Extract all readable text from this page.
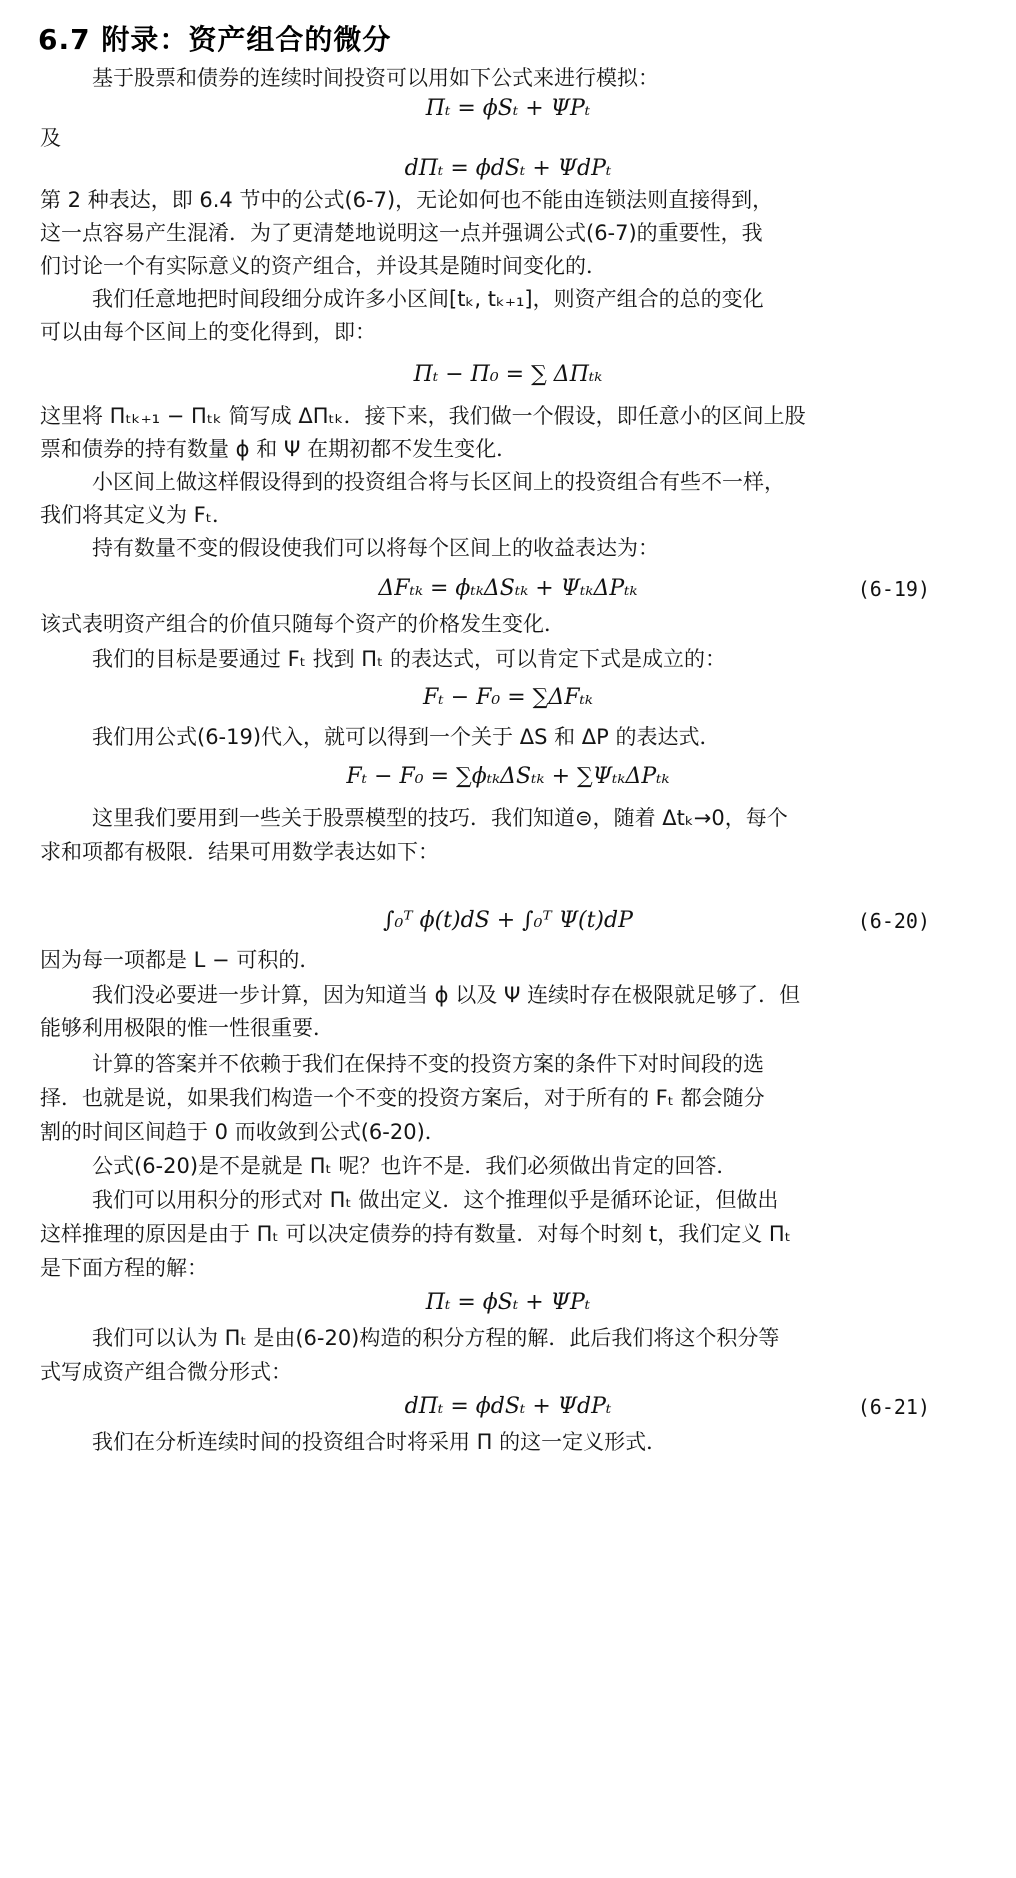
6.7 附录：资产组合的微分

基于股票和债券的连续时间投资可以用如下公式来进行模拟：

Πₜ = ϕSₜ + ΨPₜ

及

dΠₜ = ϕdSₜ + ΨdPₜ

第 2 种表达，即 6.4 节中的公式(6-7)，无论如何也不能由连锁法则直接得到，

这一点容易产生混淆．为了更清楚地说明这一点并强调公式(6-7)的重要性，我

们讨论一个有实际意义的资产组合，并设其是随时间变化的．

我们任意地把时间段细分成许多小区间[tₖ, tₖ₊₁]，则资产组合的总的变化

可以由每个区间上的变化得到，即：

Πₜ − Π₀ = ∑ ΔΠₜₖ

这里将 Πₜₖ₊₁ − Πₜₖ 简写成 ΔΠₜₖ．接下来，我们做一个假设，即任意小的区间上股

票和债券的持有数量 ϕ 和 Ψ 在期初都不发生变化．

小区间上做这样假设得到的投资组合将与长区间上的投资组合有些不一样，

我们将其定义为 Fₜ．

持有数量不变的假设使我们可以将每个区间上的收益表达为：

ΔFₜₖ = ϕₜₖΔSₜₖ + ΨₜₖΔPₜₖ	(6-19)

该式表明资产组合的价值只随每个资产的价格发生变化．

我们的目标是要通过 Fₜ 找到 Πₜ 的表达式，可以肯定下式是成立的：

Fₜ − F₀ = ∑ΔFₜₖ

我们用公式(6-19)代入，就可以得到一个关于 ΔS 和 ΔP 的表达式．

Fₜ − F₀ = ∑ϕₜₖΔSₜₖ + ∑ΨₜₖΔPₜₖ

这里我们要用到一些关于股票模型的技巧．我们知道⊜，随着 Δtₖ→0，每个

求和项都有极限．结果可用数学表达如下：

∫₀ᵀ ϕ(t)dS + ∫₀ᵀ Ψ(t)dP	(6-20)

因为每一项都是 L − 可积的．

我们没必要进一步计算，因为知道当 ϕ 以及 Ψ 连续时存在极限就足够了．但

能够利用极限的惟一性很重要．

计算的答案并不依赖于我们在保持不变的投资方案的条件下对时间段的选

择．也就是说，如果我们构造一个不变的投资方案后，对于所有的 Fₜ 都会随分

割的时间区间趋于 0 而收敛到公式(6-20)．

公式(6-20)是不是就是 Πₜ 呢？也许不是．我们必须做出肯定的回答．

我们可以用积分的形式对 Πₜ 做出定义．这个推理似乎是循环论证，但做出

这样推理的原因是由于 Πₜ 可以决定债券的持有数量．对每个时刻 t，我们定义 Πₜ

是下面方程的解：

Πₜ = ϕSₜ + ΨPₜ

我们可以认为 Πₜ 是由(6-20)构造的积分方程的解．此后我们将这个积分等

式写成资产组合微分形式：

dΠₜ = ϕdSₜ + ΨdPₜ	(6-21)

我们在分析连续时间的投资组合时将采用 Π 的这一定义形式．
